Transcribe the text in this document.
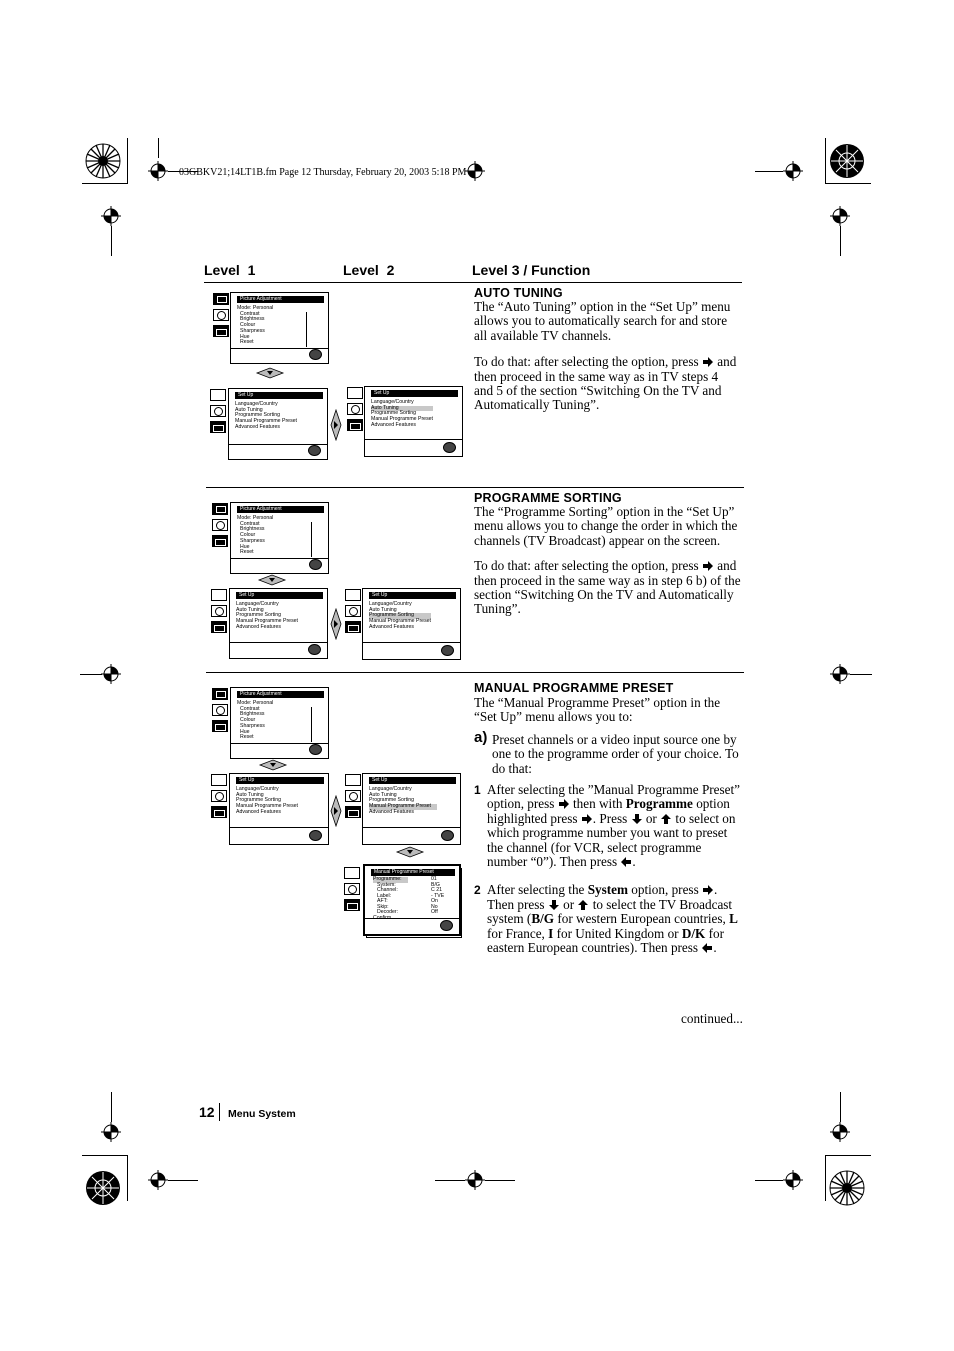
03GBKV21;14LT1B.fm Page 12 Thursday, February 20, 2003 5:18 PM
Level  1	Level  2	Level 3 / Function
Picture Adjustment
Mode: Personal
Contrast
Brightness
Colour
Sharpness
Hue
Reset
Set Up
Language/Country
Auto Tuning
Programme Sorting
Manual Programme Preset
Advanced Features
Set Up
Language/Country
Auto Tuning
Programme Sorting
Manual Programme Preset
Advanced Features
AUTO TUNING

The “Auto Tuning” option in the “Set Up” menu allows you to automatically search for and store all available TV channels.

To do that: after selecting the option, press and then proceed in the same way as in TV steps 4 and 5 of the section “Switching On the TV and Automatically Tuning”.

Picture Adjustment
Mode: Personal
Contrast
Brightness
Colour
Sharpness
Hue
Reset
Set Up
Language/Country
Auto Tuning
Programme Sorting
Manual Programme Preset
Advanced Features
Set Up
Language/Country
Auto Tuning
Programme Sorting
Manual Programme Preset
Advanced Features
PROGRAMME SORTING

The “Programme Sorting” option in the “Set Up” menu allows you to change the order in which the channels (TV Broadcast) appear on the screen.

To do that: after selecting the option, press and then proceed in the same way as in step 6 b) of the section “Switching On the TV and Automatically Tuning”.

Picture Adjustment
Mode: Personal
Contrast
Brightness
Colour
Sharpness
Hue
Reset
Set Up
Language/Country
Auto Tuning
Programme Sorting
Manual Programme Preset
Advanced Features
Set Up
Language/Country
Auto Tuning
Programme Sorting
Manual Programme Preset
Advanced Features
Manual Programme Preset
Programme:
System:
Channel:
Label:
AFT:
Skip:
Decoder:
01
B/G
C 21
- TVE
On
No
Off
MANUAL PROGRAMME PRESET

The “Manual Programme Preset” option in the “Set Up” menu allows you to:

a) Preset channels or a video input source one by one to the programme order of your choice. To do that:
1 After selecting the ”Manual Programme Preset” option, press then with Programme option highlighted press . Press or to select on which programme number you want to preset the channel (for VCR, select programme number “0”). Then press .
2 After selecting the System option, press . Then press or to select the TV Broadcast system (B/G for western European countries, L for France, I for United Kingdom or D/K for eastern European countries). Then press .
continued...
12 Menu System
